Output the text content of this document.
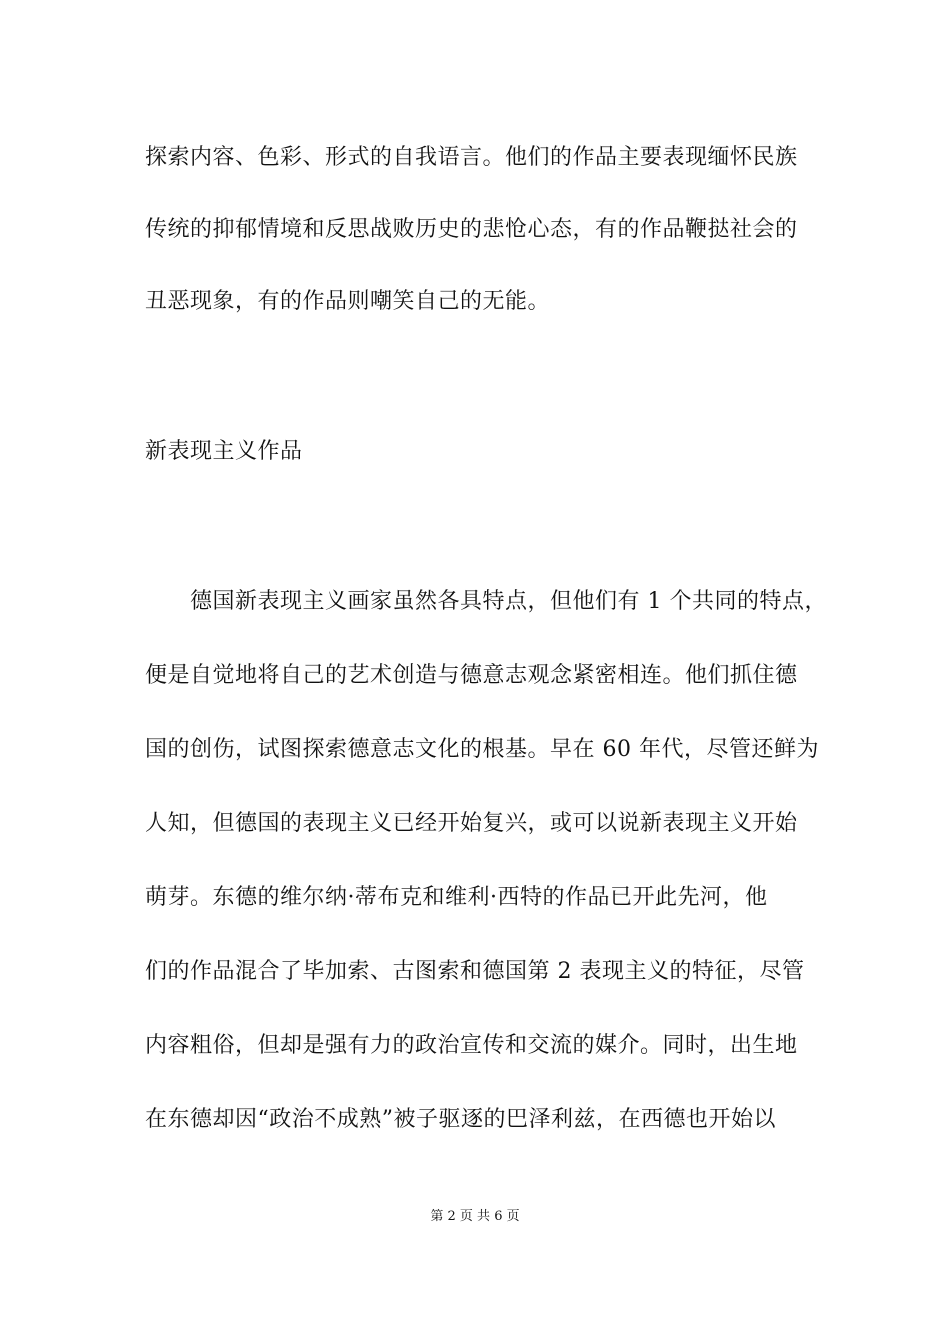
探索内容、色彩、形式的自我语言。他们的作品主要表现缅怀民族
传统的抑郁情境和反思战败历史的悲怆心态，有的作品鞭挞社会的
丑恶现象，有的作品则嘲笑自己的无能。
新表现主义作品
德国新表现主义画家虽然各具特点，但他们有 1 个共同的特点，
便是自觉地将自己的艺术创造与德意志观念紧密相连。他们抓住德
国的创伤，试图探索德意志文化的根基。早在 60 年代，尽管还鲜为
人知，但德国的表现主义已经开始复兴，或可以说新表现主义开始
萌芽。东德的维尔纳·蒂布克和维利·西特的作品已开此先河，他
们的作品混合了毕加索、古图索和德国第 2 表现主义的特征，尽管
内容粗俗，但却是强有力的政治宣传和交流的媒介。同时，出生地
在东德却因“政治不成熟”被子驱逐的巴泽利兹，在西德也开始以
第 2 页 共 6 页
